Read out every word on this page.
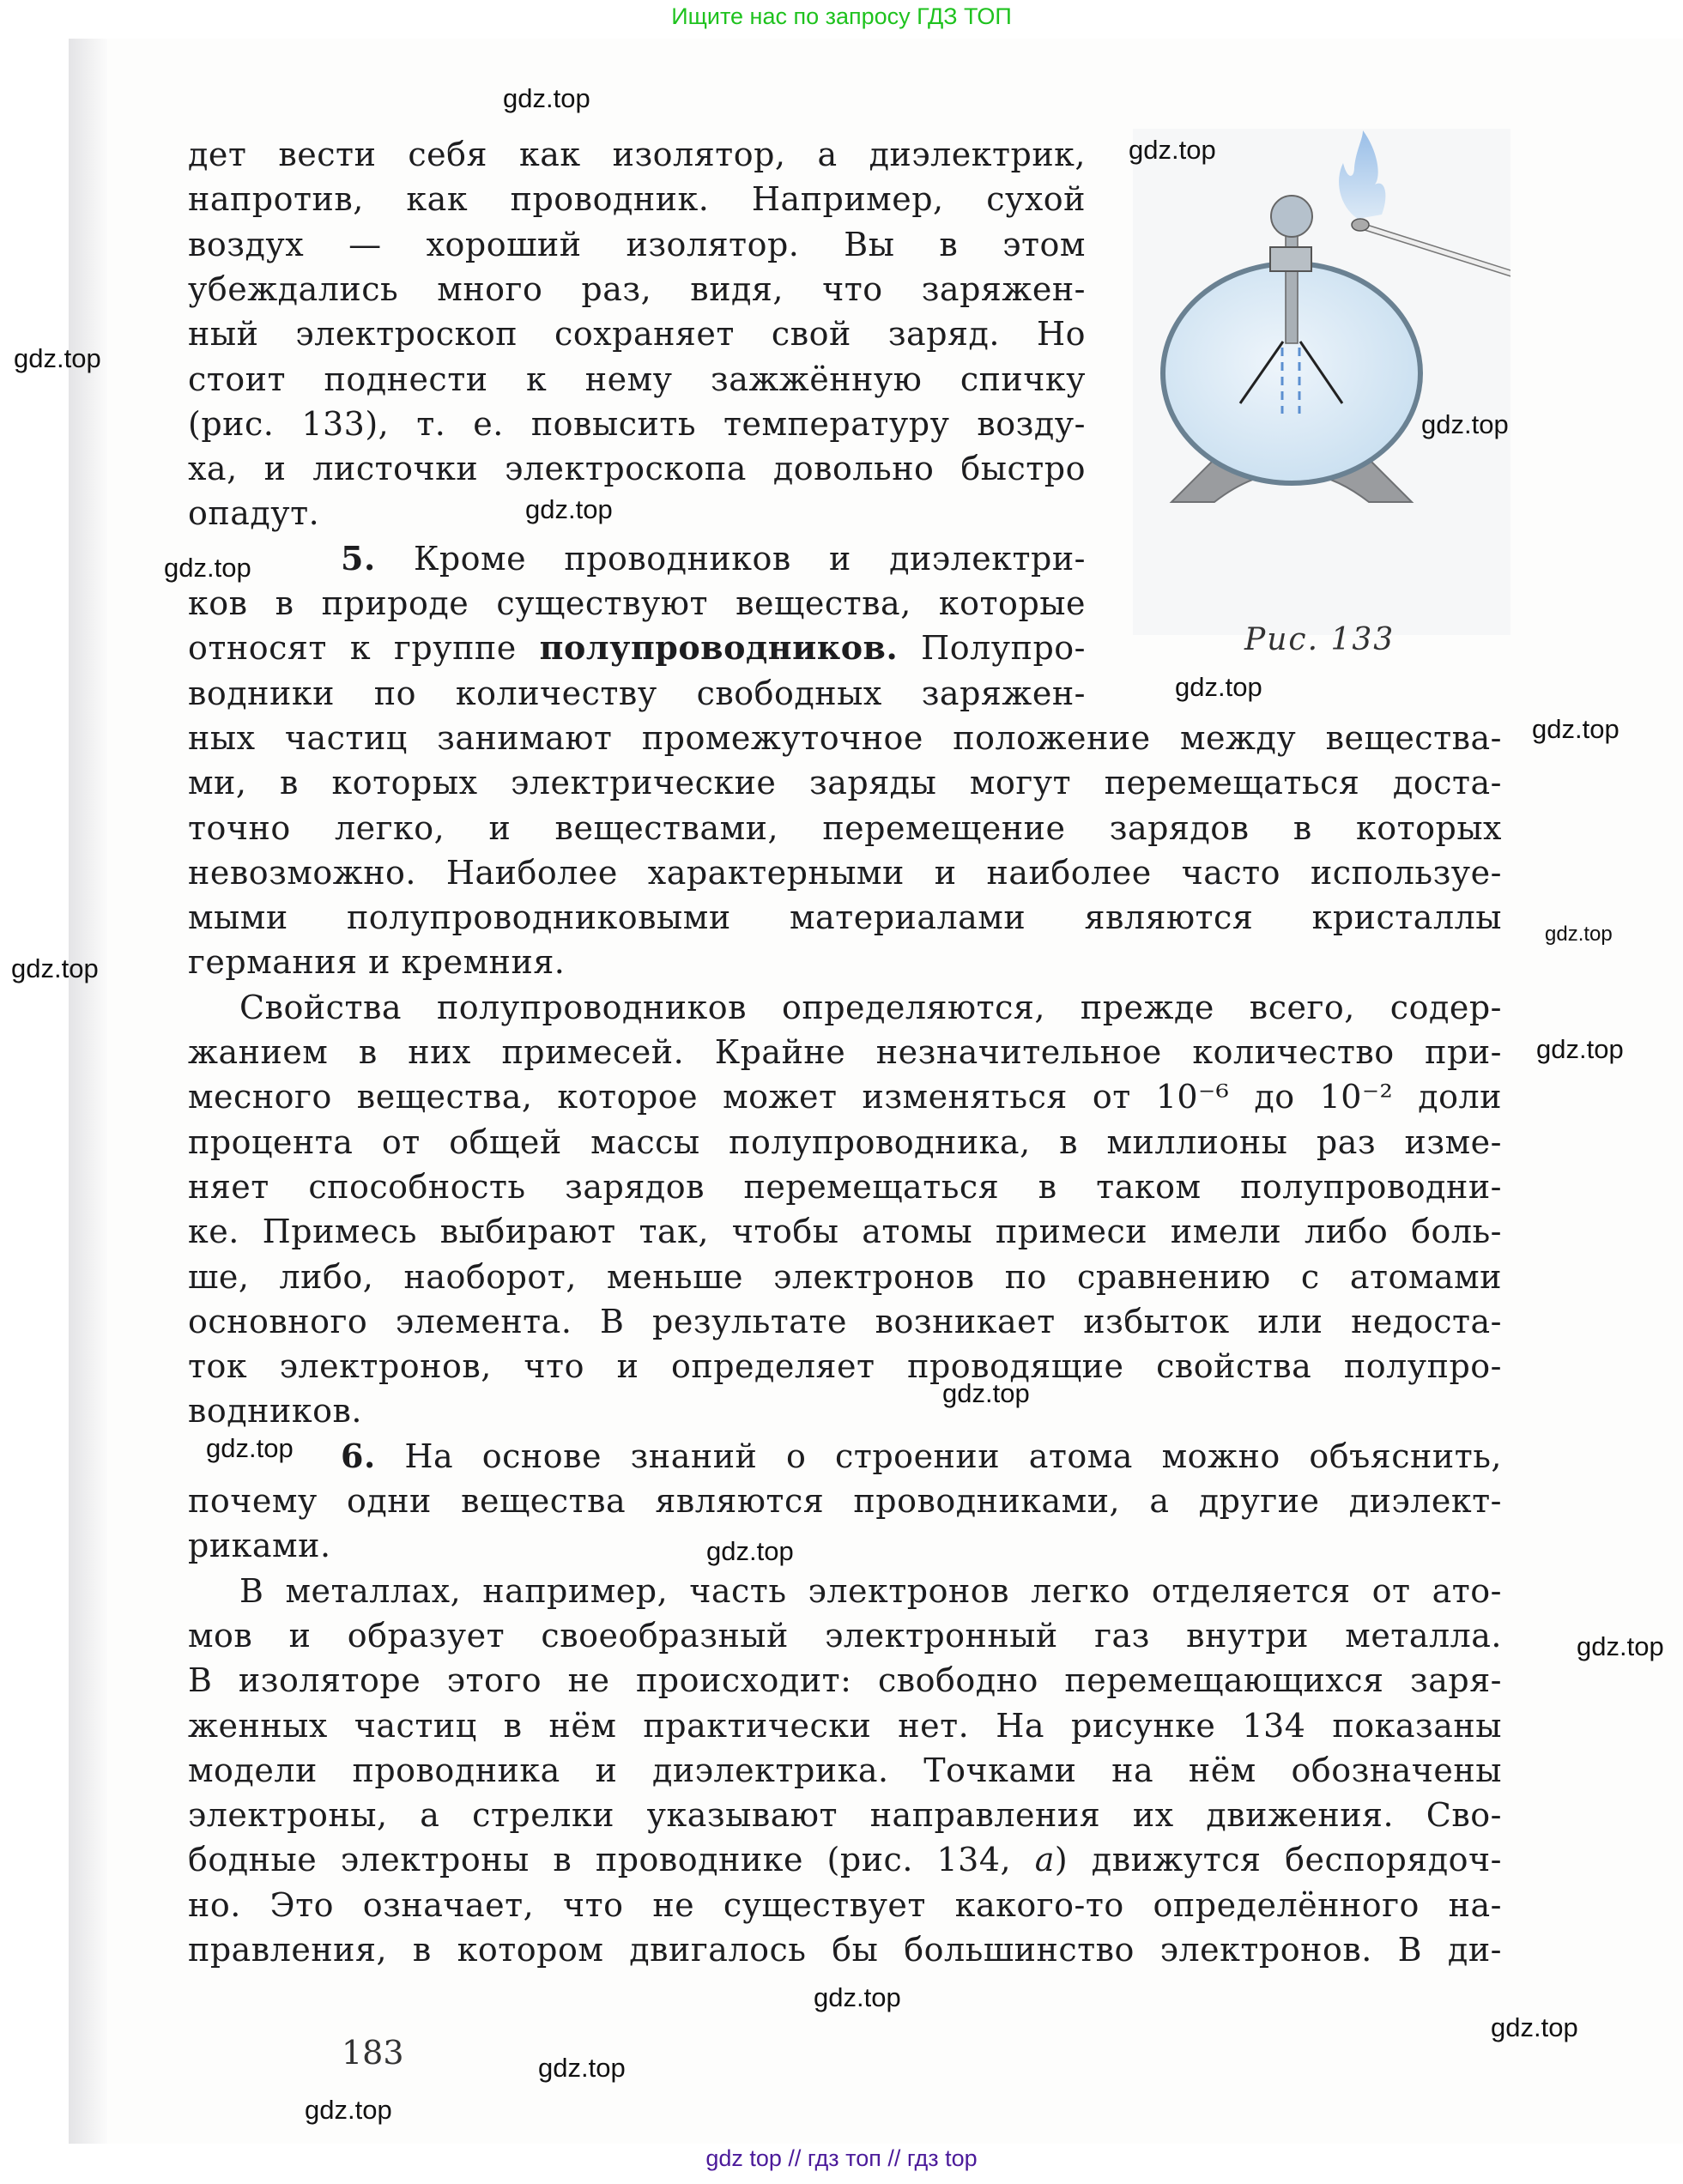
Ищите нас по запросу ГДЗ ТОП
дет вести себя как изолятор, а диэлектрик,
напротив, как проводник. Например, сухой
воздух — хороший изолятор. Вы в этом
убеждались много раз, видя, что заряжен-
ный электроскоп сохраняет свой заряд. Но
стоит поднести к нему зажжённую спичку
(рис. 133), т. е. повысить температуру возду-
ха, и листочки электроскопа довольно быстро
опадут.
5. Кроме проводников и диэлектри-
ков в природе существуют вещества, которые
относят к группе полупроводников. Полупро-
водники по количеству свободных заряжен-
ных частиц занимают промежуточное положение между вещества-
ми, в которых электрические заряды могут перемещаться доста-
точно легко, и веществами, перемещение зарядов в которых
невозможно. Наиболее характерными и наиболее часто используе-
мыми полупроводниковыми материалами являются кристаллы
германия и кремния.
Свойства полупроводников определяются, прежде всего, содер-
жанием в них примесей. Крайне незначительное количество при-
месного вещества, которое может изменяться от 10⁻⁶ до 10⁻² доли
процента от общей массы полупроводника, в миллионы раз изме-
няет способность зарядов перемещаться в таком полупроводни-
ке. Примесь выбирают так, чтобы атомы примеси имели либо боль-
ше, либо, наоборот, меньше электронов по сравнению с атомами
основного элемента. В результате возникает избыток или недоста-
ток электронов, что и определяет проводящие свойства полупро-
водников.
6. На основе знаний о строении атома можно объяснить,
почему одни вещества являются проводниками, а другие диэлект-
риками.
В металлах, например, часть электронов легко отделяется от ато-
мов и образует своеобразный электронный газ внутри металла.
В изоляторе этого не происходит: свободно перемещающихся заря-
женных частиц в нём практически нет. На рисунке 134 показаны
модели проводника и диэлектрика. Точками на нём обозначены
электроны, а стрелки указывают направления их движения. Сво-
бодные электроны в проводнике (рис. 134, а) движутся беспорядоч-
но. Это означает, что не существует какого-то определённого на-
правления, в котором двигалось бы большинство электронов. В ди-
Рис. 133
183
gdz.top
gdz.top
gdz.top
gdz.top
gdz.top
gdz.top
gdz.top
gdz.top
gdz.top
gdz.top
gdz.top
gdz.top
gdz.top
gdz.top
gdz.top
gdz.top
gdz.top
gdz.top
gdz.top
gdz top // гдз топ // гдз top
